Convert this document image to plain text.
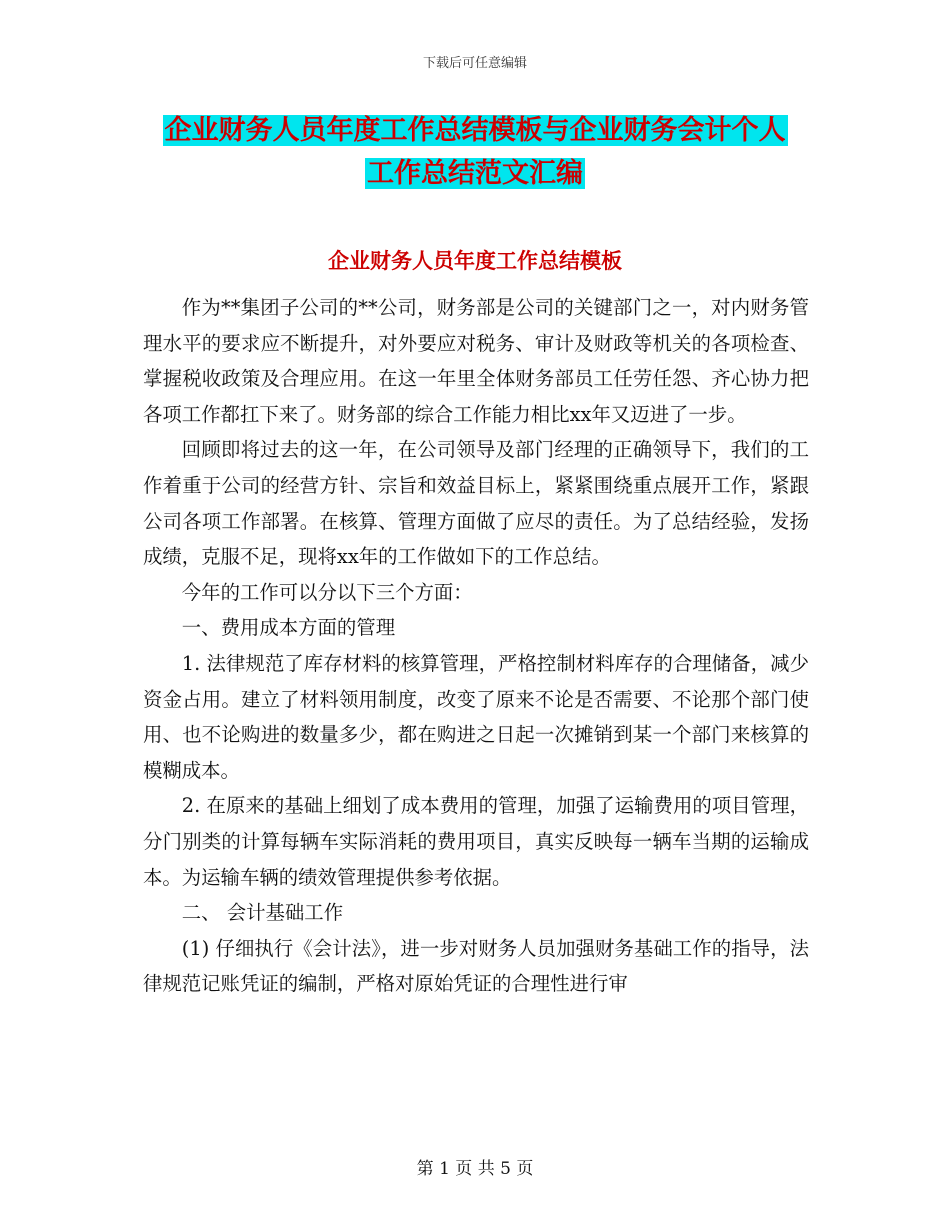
下载后可任意编辑
企业财务人员年度工作总结模板与企业财务会计个人
工作总结范文汇编
企业财务人员年度工作总结模板

作为**集团子公司的**公司，财务部是公司的关键部门之一，对内财务管理水平的要求应不断提升，对外要应对税务、审计及财政等机关的各项检查、掌握税收政策及合理应用。在这一年里全体财务部员工任劳任怨、齐心协力把各项工作都扛下来了。财务部的综合工作能力相比xx年又迈进了一步。

回顾即将过去的这一年，在公司领导及部门经理的正确领导下，我们的工作着重于公司的经营方针、宗旨和效益目标上，紧紧围绕重点展开工作，紧跟公司各项工作部署。在核算、管理方面做了应尽的责任。为了总结经验，发扬成绩，克服不足，现将xx年的工作做如下的工作总结。

今年的工作可以分以下三个方面：

一、费用成本方面的管理

1. 法律规范了库存材料的核算管理，严格控制材料库存的合理储备，减少资金占用。建立了材料领用制度，改变了原来不论是否需要、不论那个部门使用、也不论购进的数量多少，都在购进之日起一次摊销到某一个部门来核算的模糊成本。

2. 在原来的基础上细划了成本费用的管理，加强了运输费用的项目管理，分门别类的计算每辆车实际消耗的费用项目，真实反映每一辆车当期的运输成本。为运输车辆的绩效管理提供参考依据。

二、 会计基础工作

(1) 仔细执行《会计法》，进一步对财务人员加强财务基础工作的指导，法律规范记账凭证的编制，严格对原始凭证的合理性进行审

第 1 页 共 5 页
